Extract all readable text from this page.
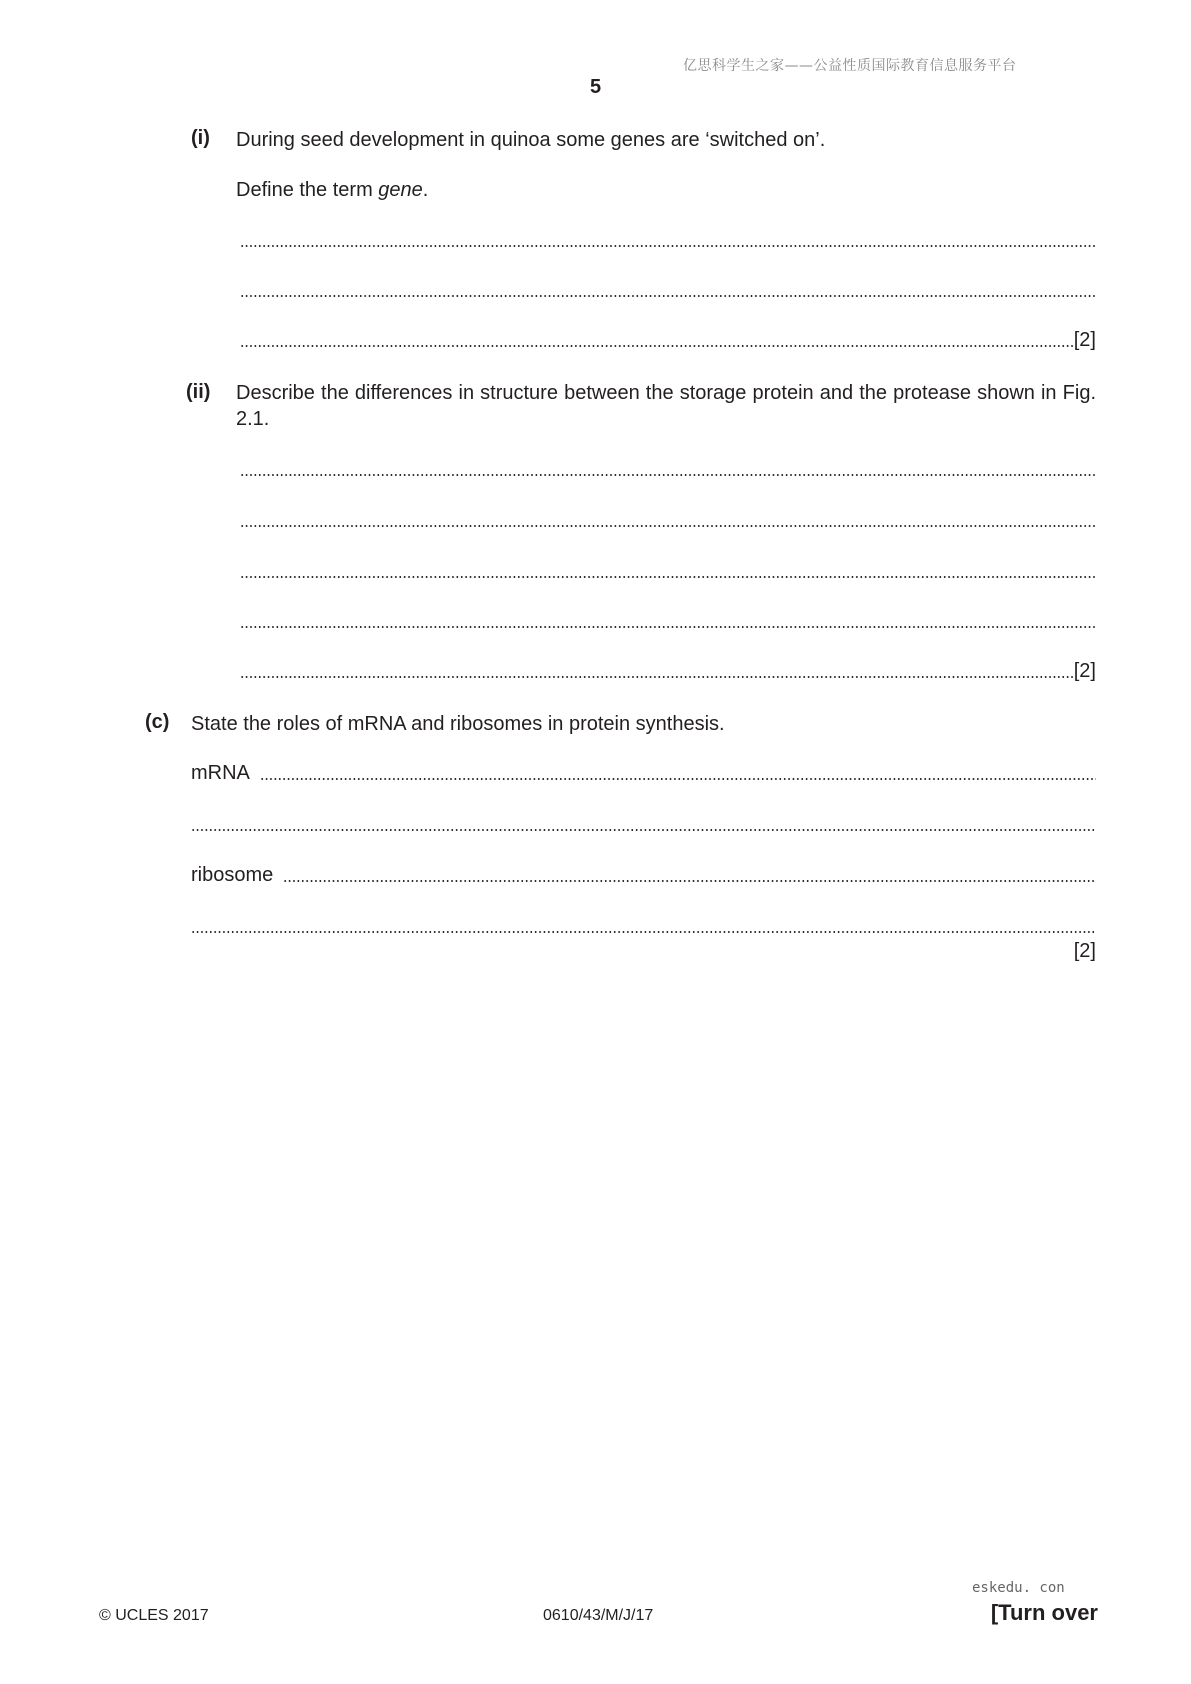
亿思科学生之家——公益性质国际教育信息服务平台
5
(i) During seed development in quinoa some genes are ‘switched on’.
Define the term gene.
[2]
(ii) Describe the differences in structure between the storage protein and the protease shown in Fig. 2.1.
[2]
(c) State the roles of mRNA and ribosomes in protein synthesis.
mRNA
ribosome
[2]
eskedu. con
© UCLES 2017	0610/43/M/J/17	[Turn over
